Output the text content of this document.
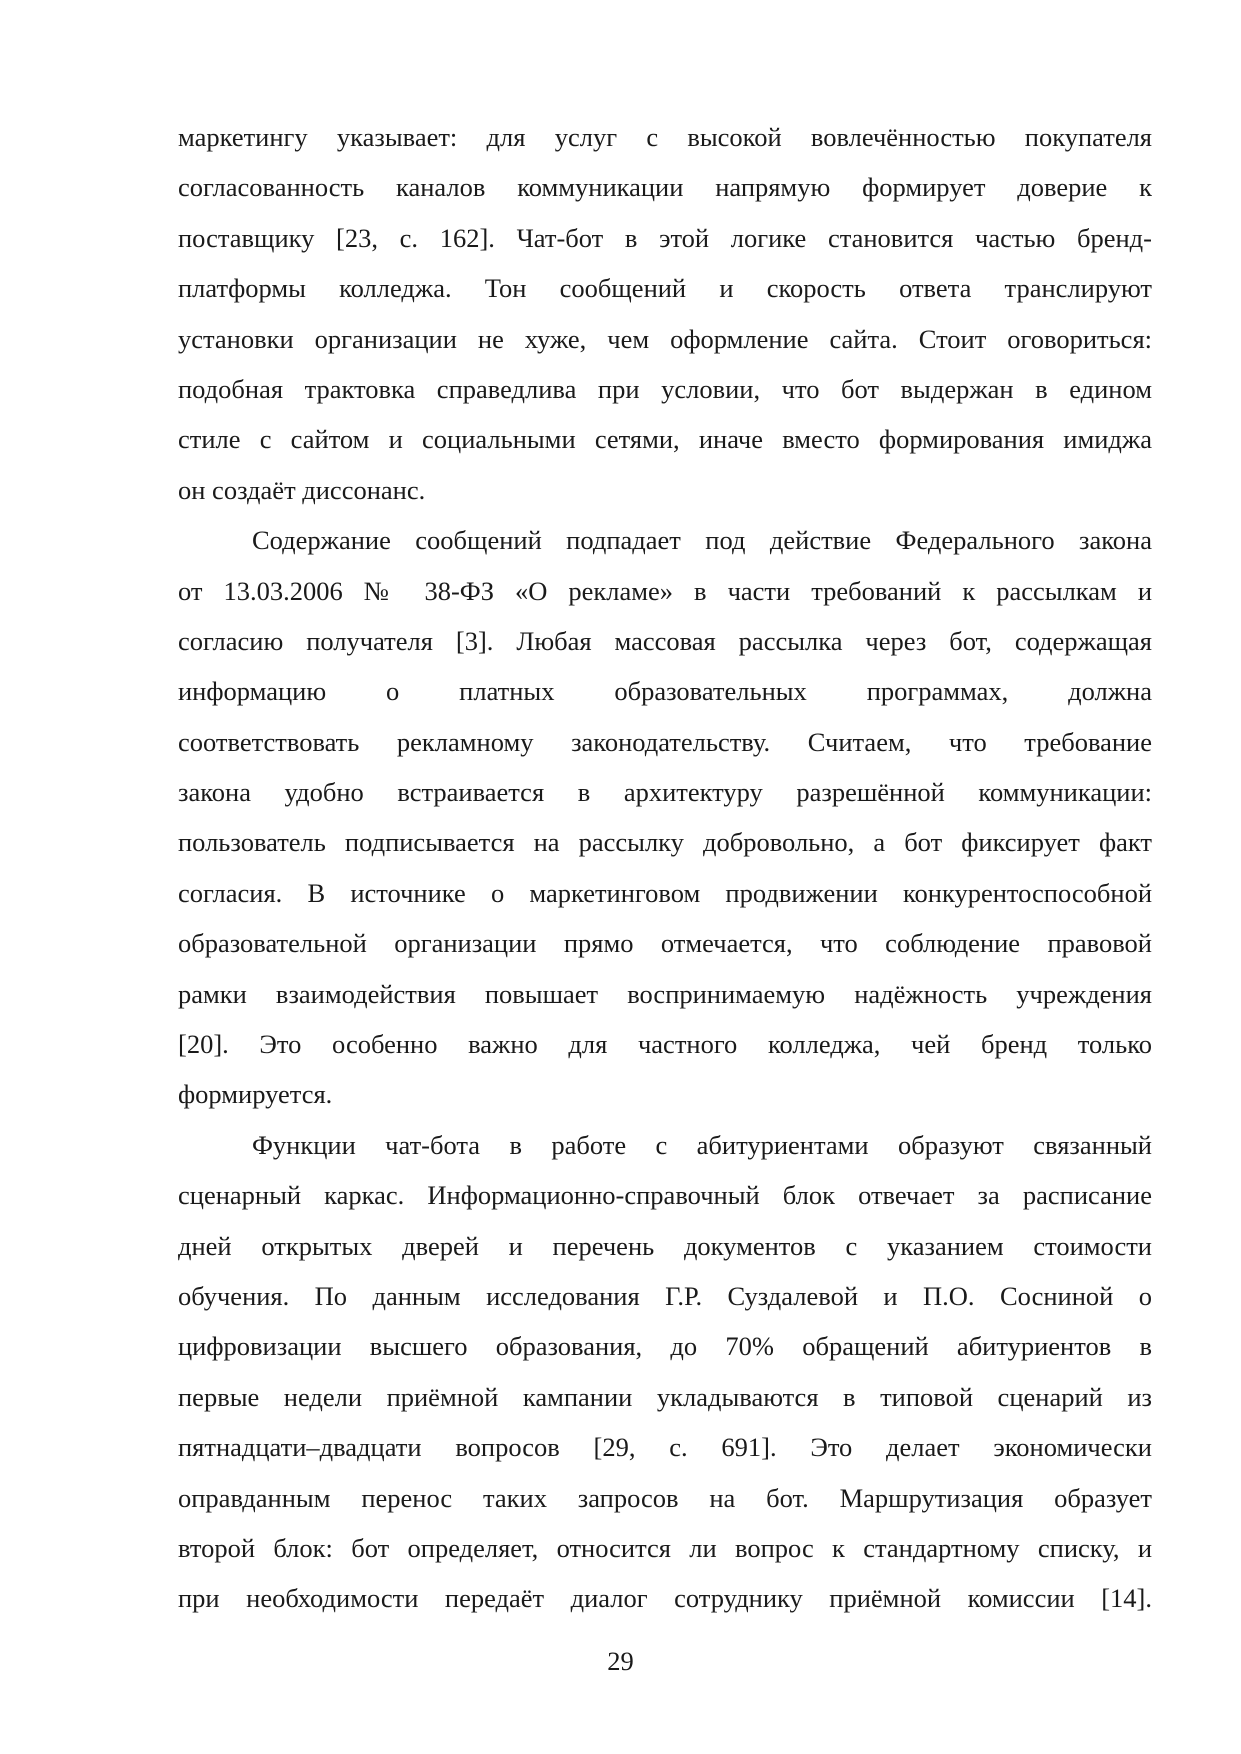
маркетингу указывает: для услуг с высокой вовлечённостью покупателя
согласованность каналов коммуникации напрямую формирует доверие к
поставщику [23, с. 162]. Чат-бот в этой логике становится частью бренд-
платформы колледжа. Тон сообщений и скорость ответа транслируют
установки организации не хуже, чем оформление сайта. Стоит оговориться:
подобная трактовка справедлива при условии, что бот выдержан в едином
стиле с сайтом и социальными сетями, иначе вместо формирования имиджа
он создаёт диссонанс.
Содержание сообщений подпадает под действие Федерального закона
от 13.03.2006 № 38-ФЗ «О рекламе» в части требований к рассылкам и
согласию получателя [3]. Любая массовая рассылка через бот, содержащая
информацию о платных образовательных программах, должна
соответствовать рекламному законодательству. Считаем, что требование
закона удобно встраивается в архитектуру разрешённой коммуникации:
пользователь подписывается на рассылку добровольно, а бот фиксирует факт
согласия. В источнике о маркетинговом продвижении конкурентоспособной
образовательной организации прямо отмечается, что соблюдение правовой
рамки взаимодействия повышает воспринимаемую надёжность учреждения
[20]. Это особенно важно для частного колледжа, чей бренд только
формируется.
Функции чат-бота в работе с абитуриентами образуют связанный
сценарный каркас. Информационно-справочный блок отвечает за расписание
дней открытых дверей и перечень документов с указанием стоимости
обучения. По данным исследования Г.Р. Суздалевой и П.О. Сосниной о
цифровизации высшего образования, до 70% обращений абитуриентов в
первые недели приёмной кампании укладываются в типовой сценарий из
пятнадцати–двадцати вопросов [29, с. 691]. Это делает экономически
оправданным перенос таких запросов на бот. Маршрутизация образует
второй блок: бот определяет, относится ли вопрос к стандартному списку, и
при необходимости передаёт диалог сотруднику приёмной комиссии [14].
29
